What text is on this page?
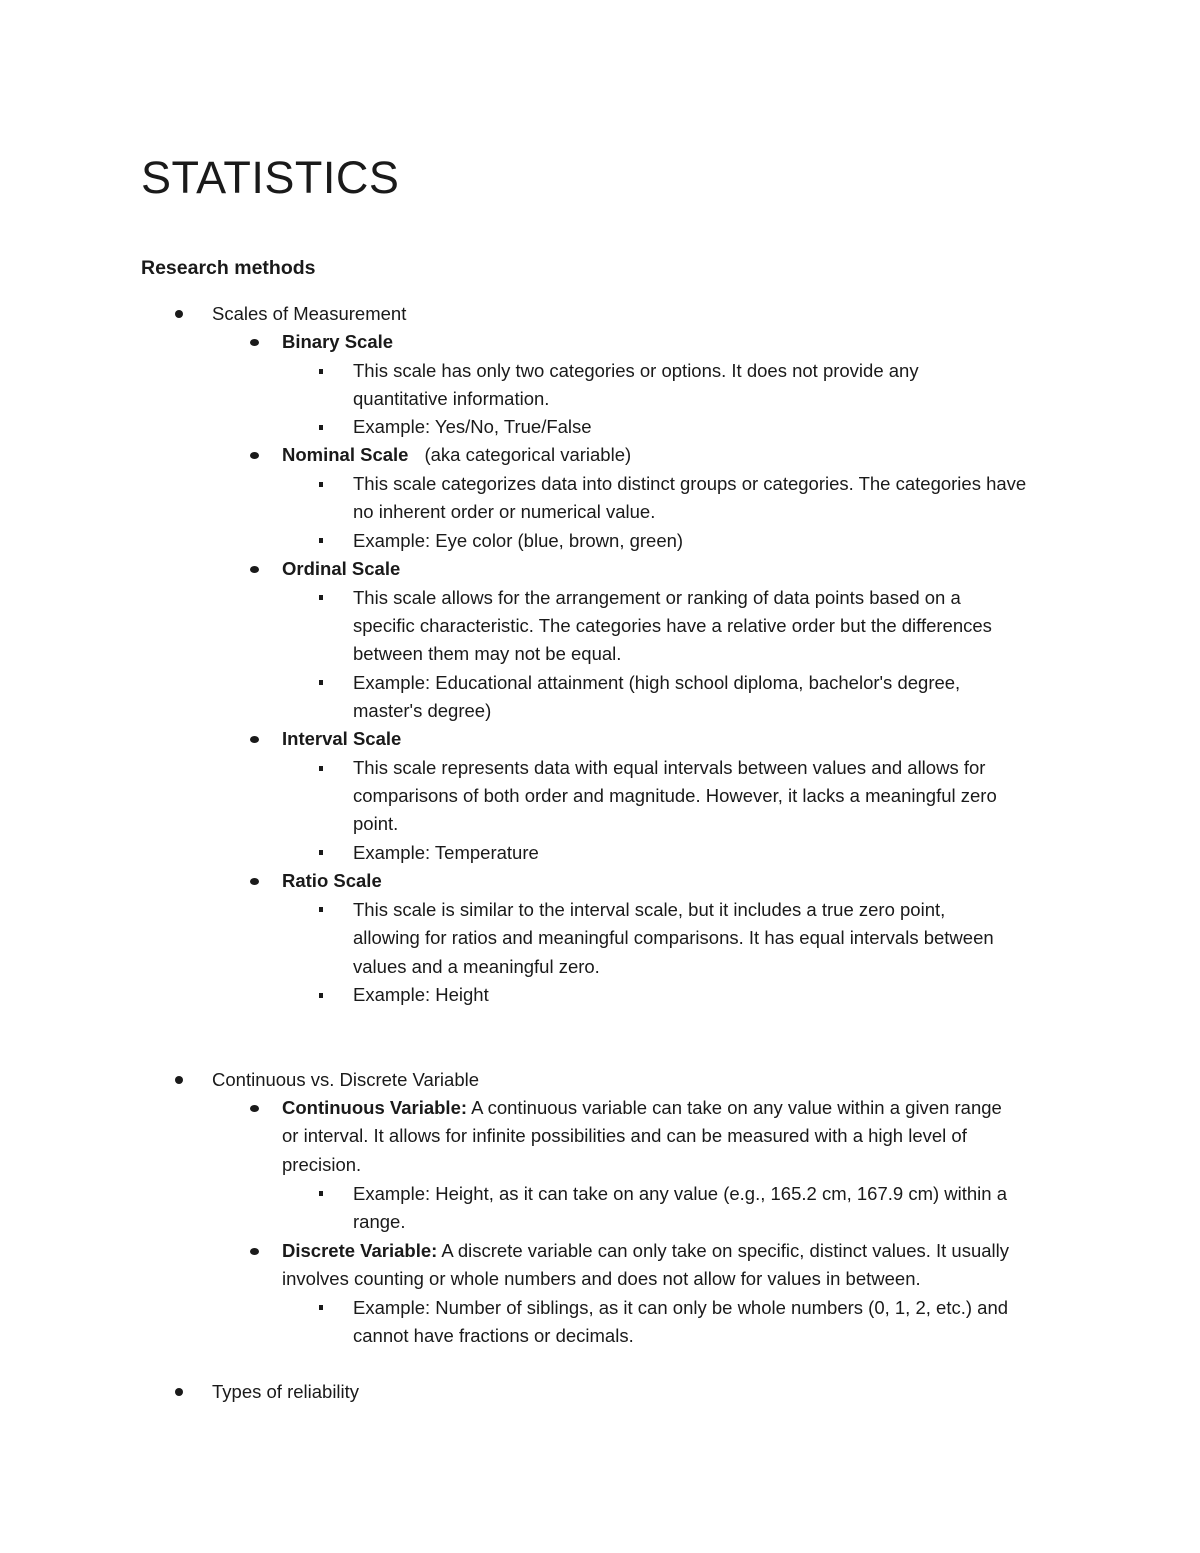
STATISTICS
Research methods
Scales of Measurement
Binary Scale
This scale has only two categories or options. It does not provide any
quantitative information.
Example: Yes/No, True/False
Nominal Scale (aka categorical variable)
This scale categorizes data into distinct groups or categories. The categories have
no inherent order or numerical value.
Example: Eye color (blue, brown, green)
Ordinal Scale
This scale allows for the arrangement or ranking of data points based on a
specific characteristic. The categories have a relative order but the differences
between them may not be equal.
Example: Educational attainment (high school diploma, bachelor's degree,
master's degree)
Interval Scale
This scale represents data with equal intervals between values and allows for
comparisons of both order and magnitude. However, it lacks a meaningful zero
point.
Example: Temperature
Ratio Scale
This scale is similar to the interval scale, but it includes a true zero point,
allowing for ratios and meaningful comparisons. It has equal intervals between
values and a meaningful zero.
Example: Height
Continuous vs. Discrete Variable
Continuous Variable: A continuous variable can take on any value within a given range
or interval. It allows for infinite possibilities and can be measured with a high level of
precision.
Example: Height, as it can take on any value (e.g., 165.2 cm, 167.9 cm) within a
range.
Discrete Variable: A discrete variable can only take on specific, distinct values. It usually
involves counting or whole numbers and does not allow for values in between.
Example: Number of siblings, as it can only be whole numbers (0, 1, 2, etc.) and
cannot have fractions or decimals.
Types of reliability
